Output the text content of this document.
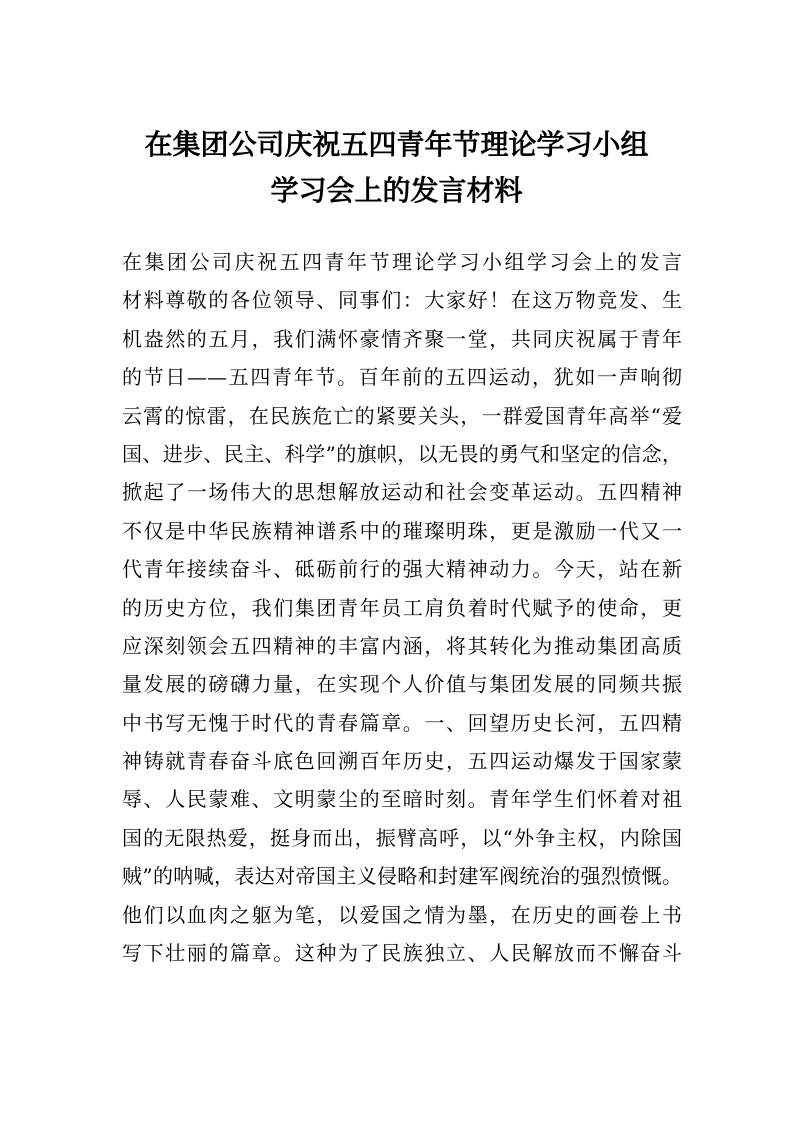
在集团公司庆祝五四青年节理论学习小组
学习会上的发言材料
在集团公司庆祝五四青年节理论学习小组学习会上的发言
材料尊敬的各位领导、同事们：大家好！在这万物竞发、生
机盎然的五月，我们满怀豪情齐聚一堂，共同庆祝属于青年
的节日——五四青年节。百年前的五四运动，犹如一声响彻
云霄的惊雷，在民族危亡的紧要关头，一群爱国青年高举“爱
国、进步、民主、科学”的旗帜，以无畏的勇气和坚定的信念，
掀起了一场伟大的思想解放运动和社会变革运动。五四精神
不仅是中华民族精神谱系中的璀璨明珠，更是激励一代又一
代青年接续奋斗、砥砺前行的强大精神动力。今天，站在新
的历史方位，我们集团青年员工肩负着时代赋予的使命，更
应深刻领会五四精神的丰富内涵，将其转化为推动集团高质
量发展的磅礴力量，在实现个人价值与集团发展的同频共振
中书写无愧于时代的青春篇章。一、回望历史长河，五四精
神铸就青春奋斗底色回溯百年历史，五四运动爆发于国家蒙
辱、人民蒙难、文明蒙尘的至暗时刻。青年学生们怀着对祖
国的无限热爱，挺身而出，振臂高呼，以“外争主权，内除国
贼”的呐喊，表达对帝国主义侵略和封建军阀统治的强烈愤慨。
他们以血肉之躯为笔，以爱国之情为墨，在历史的画卷上书
写下壮丽的篇章。这种为了民族独立、人民解放而不懈奋斗
